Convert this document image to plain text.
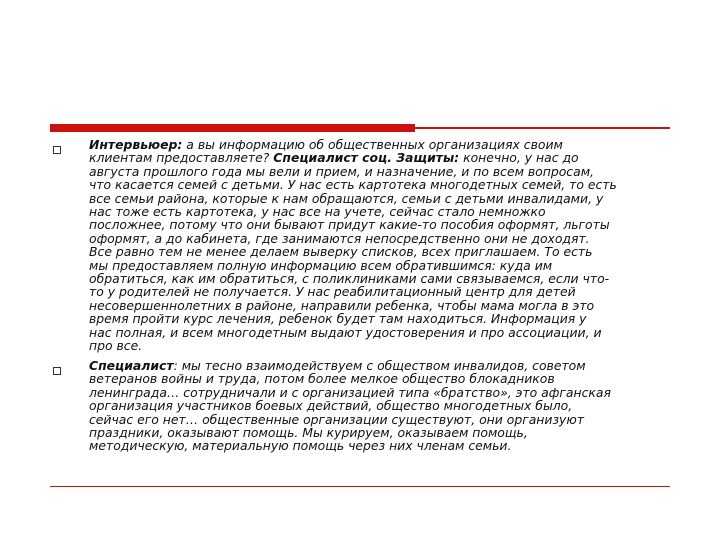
Интервьюер: а вы информацию об общественных организациях своим
клиентам предоставляете? Специалист соц. Защиты: конечно, у нас до
августа прошлого года мы вели и прием, и назначение, и по всем вопросам,
что касается семей с детьми. У нас есть картотека многодетных семей, то есть
все семьи района, которые к нам обращаются, семьи с детьми инвалидами, у
нас тоже есть картотека, у нас все на учете, сейчас стало немножко
посложнее, потому что они бывают придут какие-то пособия оформят, льготы
оформят, а до кабинета, где занимаются непосредственно они не доходят.
Все равно тем не менее делаем выверку списков, всех приглашаем. То есть
мы предоставляем полную информацию всем обратившимся: куда им
обратиться, как им обратиться, с поликлиниками сами связываемся, если что-
то у родителей не получается. У нас реабилитационный центр для детей
несовершеннолетних в районе, направили ребенка, чтобы мама могла в это
время пройти курс лечения, ребенок будет там находиться. Информация у
нас полная, и всем многодетным выдают удостоверения и про ассоциации, и
про все.

Специалист: мы тесно взаимодействуем с обществом инвалидов, советом
ветеранов войны и труда, потом более мелкое общество блокадников
ленинграда… сотрудничали и с организацией типа «братство», это афганская
организация участников боевых действий, общество многодетных было,
сейчас его нет… общественные организации существуют, они организуют
праздники, оказывают помощь. Мы курируем, оказываем помощь,
методическую, материальную помощь через них членам семьи.
